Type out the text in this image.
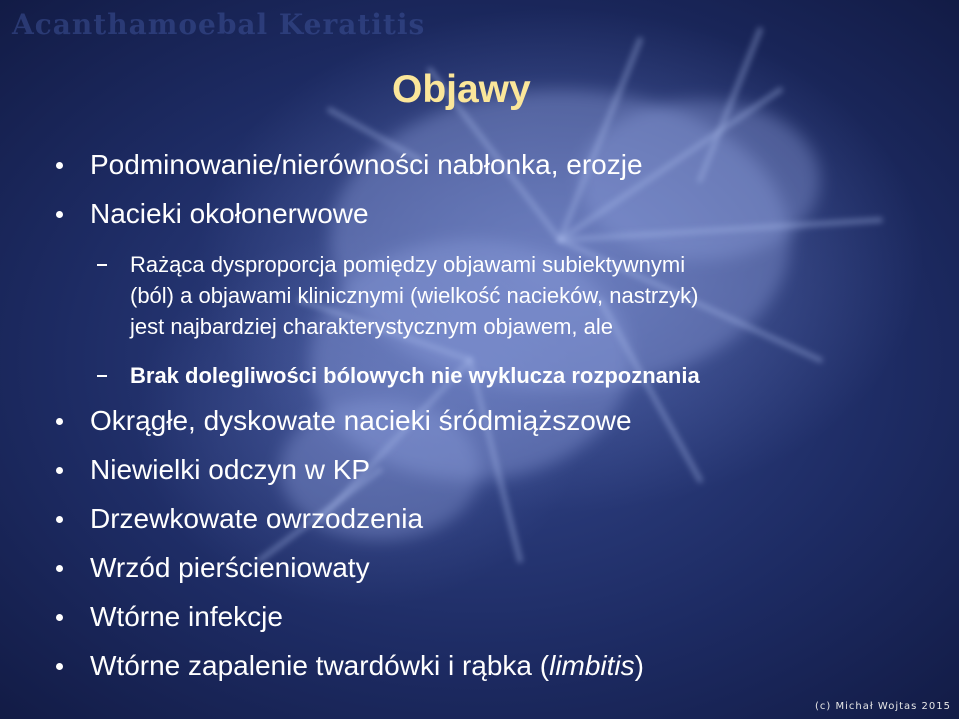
Acanthamoebal Keratitis
Objawy
Podminowanie/nierówności nabłonka, erozje
Nacieki okołonerwowe
Rażąca dysproporcja pomiędzy objawami subiektywnymi
(ból) a objawami klinicznymi (wielkość nacieków, nastrzyk)
jest najbardziej charakterystycznym objawem, ale
Brak dolegliwości bólowych nie wyklucza rozpoznania
Okrągłe, dyskowate nacieki śródmiąższowe
Niewielki odczyn w KP
Drzewkowate owrzodzenia
Wrzód pierścieniowaty
Wtórne infekcje
Wtórne zapalenie twardówki i rąbka (limbitis)
(c) Michał Wojtas 2015
